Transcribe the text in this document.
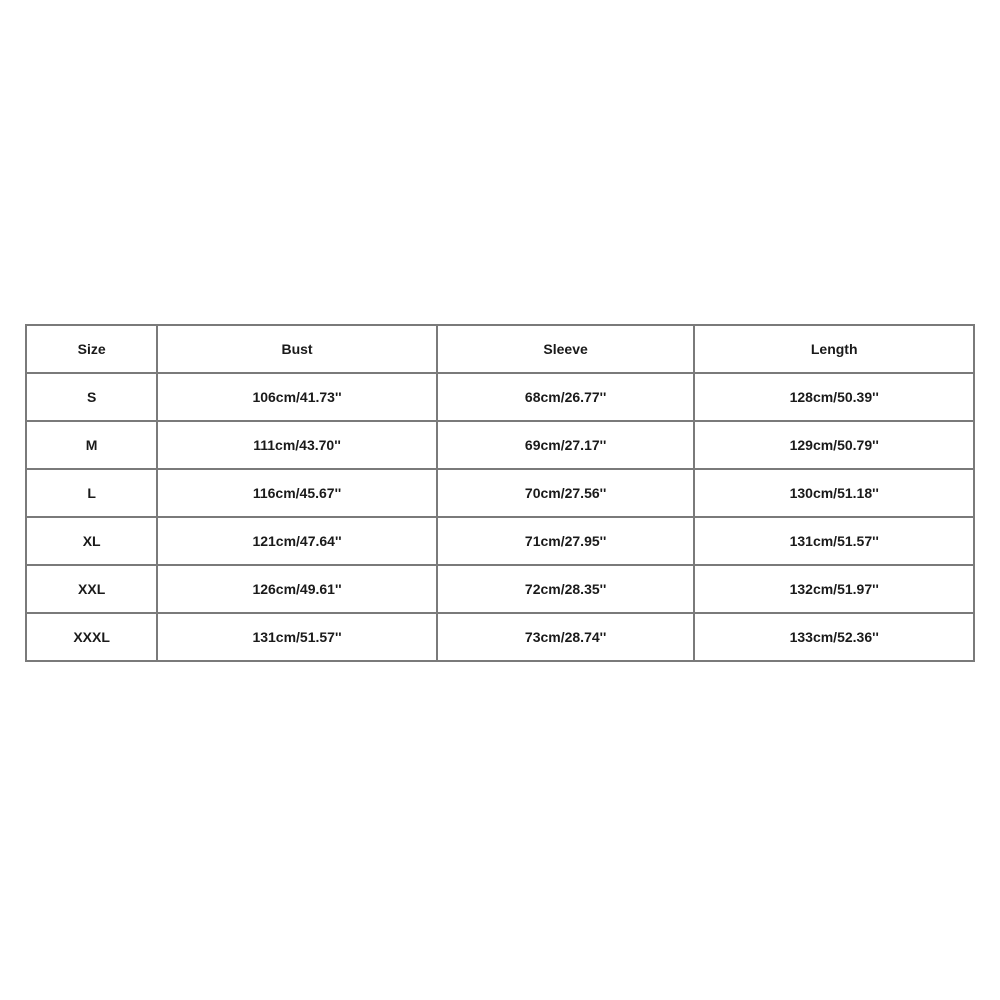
Size	Bust	Sleeve	Length
S	106cm/41.73''	68cm/26.77''	128cm/50.39''
M	111cm/43.70''	69cm/27.17''	129cm/50.79''
L	116cm/45.67''	70cm/27.56''	130cm/51.18''
XL	121cm/47.64''	71cm/27.95''	131cm/51.57''
XXL	126cm/49.61''	72cm/28.35''	132cm/51.97''
XXXL	131cm/51.57''	73cm/28.74''	133cm/52.36''
